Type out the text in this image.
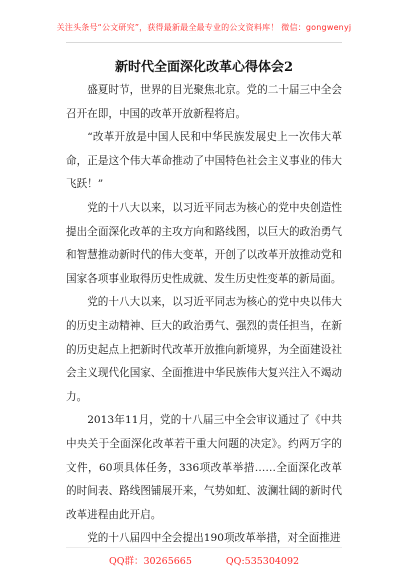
关注头条号“公文研究”，获得最新最全最专业的公文资料库！ 微信：gongwenyj
新时代全面深化改革心得体会2

盛夏时节，世界的目光聚焦北京。党的二十届三中全会召开在即，中国的改革开放新程将启。

“改革开放是中国人民和中华民族发展史上一次伟大革命，正是这个伟大革命推动了中国特色社会主义事业的伟大飞跃！”

党的十八大以来，以习近平同志为核心的党中央创造性提出全面深化改革的主攻方向和路线图，以巨大的政治勇气和智慧推动新时代的伟大变革，开创了以改革开放推动党和国家各项事业取得历史性成就、发生历史性变革的新局面。

党的十八大以来，以习近平同志为核心的党中央以伟大的历史主动精神、巨大的政治勇气、强烈的责任担当，在新的历史起点上把新时代改革开放推向新境界，为全面建设社会主义现代化国家、全面推进中华民族伟大复兴注入不竭动力。

2013年11月，党的十八届三中全会审议通过了《中共中央关于全面深化改革若干重大问题的决定》。约两万字的文件，60项具体任务，336项改革举措……全面深化改革的时间表、路线图铺展开来，气势如虹、波澜壮阔的新时代改革进程由此开启。

党的十八届四中全会提出190项改革举措，对全面推进

QQ群：30265665	QQ:535304092
